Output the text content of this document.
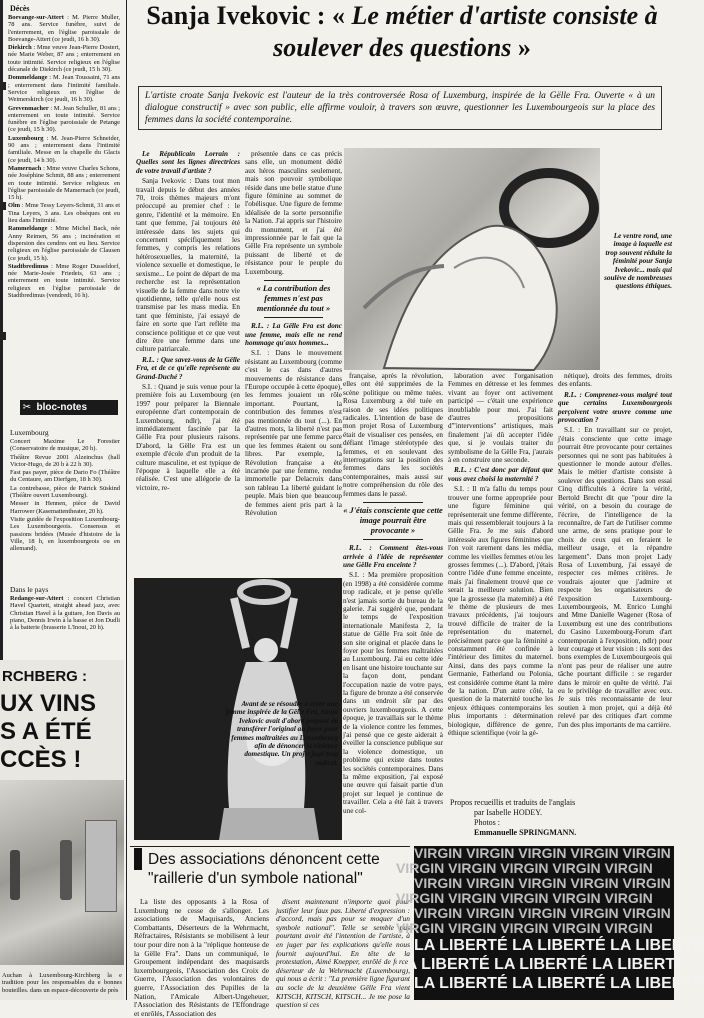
Décès

Boevange-sur-Attert : M. Pierre Muller, 78 ans. Service funèbre, suivi de l'enterrement, en l'église paroissiale de Boevange-Attert (ce jeudi, 16 h 30).

Diekirch : Mme veuve Jean-Pierre Dostert, née Marie Weber, 87 ans ; enterrement en toute intimité. Service religieux en l'église décanale de Diekirch (ce jeudi, 15 h 30).

Dommeldange : M. Jean Toussaint, 71 ans ; enterrement dans l'intimité familiale. Service religieux en l'église de Weimerskirch (ce jeudi, 16 h 30).

Grevenmacher : M. Jean Schuller, 81 ans ; enterrement en toute intimité. Service funèbre en l'église paroissiale de Petange (ce jeudi, 15 h 30).

Luxembourg : M. Jean-Pierre Schneider, 90 ans ; enterrement dans l'intimité familiale. Messe en la chapelle du Glacis (ce jeudi, 14 h 30).

Mamernach : Mme veuve Charles Schons, née Joséphine Schmit, 88 ans ; enterrement en toute intimité. Service religieux en l'église paroissiale de Mamernach (ce jeudi, 15 h).

Olm : Mme Tessy Leyers-Schmit, 31 ans et Tina Leyers, 3 ans. Les obsèques ont eu lieu dans l'intimité.

Rammeldange : Mme Michel Back, née Anny Reimen, 56 ans ; incinération et dispersion des cendres ont eu lieu. Service religieux en l'église paroissiale de Clausen (ce jeudi, 15 h).

Stadtbredimus : Mme Roger Dusseldorf, née Marie-Josée Friedeis, 63 ans ; enterrement en toute intimité. Service religieux en l'église paroissiale de Stadtbredimus (vendredi, 16 h).

✂ bloc-notes
Luxembourg

Concert Maxime Le Forestier (Conservatoire de musique, 20 h).

Théâtre Revue 2001 Alzeinchus (hall Victor-Hugo, de 20 h à 22 h 30).

Fast pas payer, pièce de Dario Fo (Théâtre du Centaure, am Dierfgen, 18 h 30).

La contrebasse, pièce de Patrick Süskind (Théâtre ouvert Luxembourg).

Messer in Hennen, pièce de David Harrower (Kasemattentheater, 20 h).

Visite guidée de l'exposition Luxembourg-Les Luxembourgeois. Consensus et passions bridées (Musée d'histoire de la Ville, 18 h, en luxembourgeois ou en allemand).

Dans le pays

Redange-sur-Attert : concert Christian Havel Quartett, straight ahead jazz, avec Christian Havel à la guitare, Jon Davis au piano, Dennis Irwin à la basse et Jon Dudli à la batterie (brasserie L'Inoui, 20 h).

RCHBERG :
UX VINS
S A ÉTÉ
CCÈS !
Auchan à Luxembourg-Kirchberg la e tradition pour les responsables du e bonnes bouteilles. dans un espace-découverte de près
Sanja Ivekovic : « Le métier d'artiste consiste à soulever des questions »
L'artiste croate Sanja Ivekovic est l'auteur de la très controversée Rosa of Luxemburg, inspirée de la Gëlle Fra. Ouverte « à un dialogue constructif » avec son public, elle affirme vouloir, à travers son œuvre, questionner les Luxembourgeois sur la place des femmes dans la société contemporaine.

Le Républicain Lorrain : Quelles sont les lignes directrices de votre travail d'artiste ?

Sanja Ivekovic : Dans tout mon travail depuis le début des années 70, trois thèmes majeurs m'ont préoccupé au premier chef : le genre, l'identité et la mémoire. En tant que femme, j'ai toujours été intéressée dans les sujets qui concernent spécifiquement les femmes, y compris les relations hétérosexuelles, la maternité, la violence sexuelle et domestique, le sexisme... Le point de départ de ma recherche est la représentation visuelle de la femme dans notre vie quotidienne, telle qu'elle nous est transmise par les mass media. En tant que féministe, j'ai essayé de faire en sorte que l'art reflète ma conscience politique et ce que veut dire être une femme dans une culture patriarcale.

R.L. : Que savez-vous de la Gëlle Fra, et de ce qu'elle représente au Grand-Duché ?

S.I. : Quand je suis venue pour la première fois au Luxembourg (en 1997 pour préparer la Biennale européenne d'art contemporain de Luxembourg, ndlr), j'ai été immédiatement fascinée par la Gëlle Fra pour plusieurs raisons. D'abord, la Gëlle Fra est un exemple d'école d'un produit de la culture masculine, et est typique de l'époque à laquelle elle a été réalisée. C'est une allégorie de la victoire, re-

présentée dans ce cas précis sans elle, un monument dédié aux héros masculins seulement, mais son pouvoir symbolique réside dans une belle statue d'une figure féminine au sommet de l'obélisque. Une figure de femme idéalisée de la sorte personnifie la Nation. J'ai appris sur l'histoire du monument, et j'ai été impressionnée par le fait que la Gëlle Fra représente un symbole puissant de liberté et de résistance pour le peuple du Luxembourg.

« La contribution des femmes n'est pas mentionnée du tout »

R.L. : La Gëlle Fra est donc une femme, mais elle ne rend hommage qu'aux hommes...

S.I. : Dans le mouvement résistant au Luxembourg (comme c'est le cas dans d'autres mouvements de résistance dans l'Europe occupée à cette époque), les femmes jouaient un rôle important. Pourtant, la contribution des femmes n'est pas mentionnée du tout (...). En d'autres mots, la liberté n'est pas représentée par une femme parce que les femmes étaient ou sont libres. Par exemple, la Révolution française a été incarnée par une femme, rendue immortelle par Delacroix dans son tableau La liberté guidant le peuple. Mais bien que beaucoup de femmes aient pris part à la Révolution

Le ventre rond, une image à laquelle est trop souvent réduite la féminité pour Sanja Ivekovic... mais qui soulève de nombreuses questions éthiques.

française, après la révolution, elles ont été supprimées de la scène politique ou même tuées. Rosa Luxemburg a été tuée en raison de ses idées politiques radicales. L'intention de base de mon projet Rosa of Luxemburg était de visualiser ces pensées, en défiant l'image stéréotypée des femmes, et en soulevant des interrogations sur la position des femmes dans les sociétés contemporaines, mais aussi sur notre compréhension du rôle des femmes dans le passé.

« J'étais consciente que cette image pourrait être provocante »

R.L. : Comment êtes-vous arrivée à l'idée de représenter une Gëlle Fra enceinte ?

S.I. : Ma première proposition (en 1998) a été considérée comme trop radicale, et je pense qu'elle n'est jamais sortie du bureau de la galerie. J'ai suggéré que, pendant le temps de l'exposition internationale Manifesta 2, la statue de Gëlle Fra soit ôtée de son site original et placée dans le foyer pour les femmes maltraitées au Luxembourg. J'ai eu cette idée en lisant une histoire touchante sur la façon dont, pendant l'occupation nazie de votre pays, la figure de bronze a été conservée dans un endroit sûr par des ouvriers luxembourgeois. A cette époque, je travaillais sur le thème de la violence contre les femmes, j'ai pensé que ce geste aiderait à éveiller la conscience publique sur la violence domestique, un problème qui existe dans toutes les sociétés contemporaines. Dans la même exposition, j'ai exposé une œuvre qui faisait partie d'un projet sur lequel je continue de travailler. Cela a été fait à travers une col-

laboration avec l'organisation Femmes en détresse et les femmes vivant au foyer ont activement participé — c'était une expérience inoubliable pour moi. J'ai fait d'autres propositions d'"interventions" artistiques, mais finalement j'ai dû accepter l'idée que, si je voulais traiter du symbolisme de la Gëlle Fra, j'aurais à en construire une seconde.

R.L. : C'est donc par défaut que vous avez choisi la maternité ?

S.I. : Il m'a fallu du temps pour trouver une forme appropriée pour une figure féminine qui représenterait une femme différente, mais qui ressemblerait toujours à la Gëlle Fra. Je me suis d'abord intéressée aux figures féminines que l'on voit rarement dans les média, comme les vieilles femmes et/ou les grosses femmes (...). D'abord, j'étais contre l'idée d'une femme enceinte, mais j'ai finalement trouvé que ce serait la meilleure solution. Bien que la grossesse (la maternité) a été le thème de plusieurs de mes travaux précédents, j'ai toujours trouvé difficile de traiter de la représentation du maternel, précisément parce que la féminité a constamment été confinée à l'intérieur des limites du maternel. Ainsi, dans des pays comme la Germanie, Fatherland ou Polonia, est considérée comme étant la mère de la nation. D'un autre côté, la question de la maternité touche les enjeux éthiques contemporains les plus importants : détermination biologique, différence de genre, éthique scientifique (voir la gé-

nétique), droits des femmes, droits des enfants.

R.L. : Comprenez-vous malgré tout que certains Luxembourgeois perçoivent votre œuvre comme une provocation ?

S.I. : En travaillant sur ce projet, j'étais consciente que cette image pourrait être provocante pour certaines personnes qui ne sont pas habituées à questionner le monde autour d'elles. Mais le métier d'artiste consiste à soulever des questions. Dans son essai Cinq difficultés à écrire la vérité, Bertold Brecht dit que "pour dire la vérité, on a besoin du courage de l'écrire, de l'intelligence de la reconnaître, de l'art de l'utiliser comme une arme, de sens pratique pour le choix de ceux qui en feraient le meilleur usage, et la répandre largement". Dans mon projet Lady Rosa of Luxemburg, j'ai essayé de respecter ces mêmes critères. Je voudrais ajouter que j'admire et respecte les organisateurs de l'exposition Luxembourg-Luxembourgeois, M. Enrico Lunghi and Mme Danielle Wagener (Rosa of Luxemburg est une des contributions du Casino Luxembourg-Forum d'art contemporain à l'exposition, ndlr) pour leur courage et leur vision : ils sont des bons exemples de Luxembourgeois qui n'ont pas peur de réaliser une autre tâche pourtant difficile : se regarder dans le miroir en quête de vérité. J'ai eu le privilège de travailler avec eux. Je suis très reconnaissante de leur soutien à mon projet, qui a déjà été relevé par des critiques d'art comme l'un des plus importants de ma carrière.

Avant de se résoudre à créer une femme inspirée de la Gëlle Fra, Sanja Ivekovic avait d'abord proposé de transférer l'original au foyer pour femmes maltraitées au Luxembourg afin de dénoncer la violence domestique. Un projet jugé trop radical.
Propos recueillis et traduits de l'anglais
par Isabelle HODEY.
Photos :
Emmanuelle SPRINGMANN.
Des associations dénoncent cette "raillerie d'un symbole national"

La liste des opposants à la Rosa of Luxemburg ne cesse de s'allonger. Les associations de Maquisards, Anciens Combattants, Déserteurs de la Wehrmacht, Réfractaires, Résistants se mobilisent à leur tour pour dire non à la "réplique honteuse de la Gëlle Fra". Dans un communiqué, le Groupement indépendant des maquisards luxembourgeois, l'Association des Croix de Guerre, l'Association des volontaires de guerre, l'Association des Pupilles de la Nation, l'Amicale Albert-Ungeheuer, l'Association des Résistants de l'Effondrage et enrôlés, l'Association des

disent maintenant n'importe quoi pour justifier leur faux pas. Liberté d'expression : d'accord, mais pas pour se moquer d'un symbole national". Telle se semble pas pourtant avoir été l'intention de l'artiste, à en juger par les explications qu'elle nous fournit aujourd'hui. En tête de la protestation, Aimé Knepper, enrôlé de force, déserteur de la Wehrmacht (Luxembourg), qui nous a écrit : "La première ligne figurant au socle de la deuxième Gëlle Fra vient KITSCH, KITSCH, KITSCH... Je me pose la question si ces

VIRGIN VIRGIN VIRGIN VIRGIN VIRGIN
VIRGIN VIRGIN VIRGIN VIRGIN VIRGIN
VIRGIN VIRGIN VIRGIN VIRGIN VIRGIN
VIRGIN VIRGIN VIRGIN VIRGIN VIRGIN
VIRGIN VIRGIN VIRGIN VIRGIN VIRGIN
VIRGIN VIRGIN VIRGIN VIRGIN VIRGIN
LA LIBERTÉ LA LIBERTÉ LA LIBERTÉ
LA LIBERTÉ LA LIBERTÉ LA LIBERTÉ
LA LIBERTÉ LA LIBERTÉ LA LIBERTÉ
